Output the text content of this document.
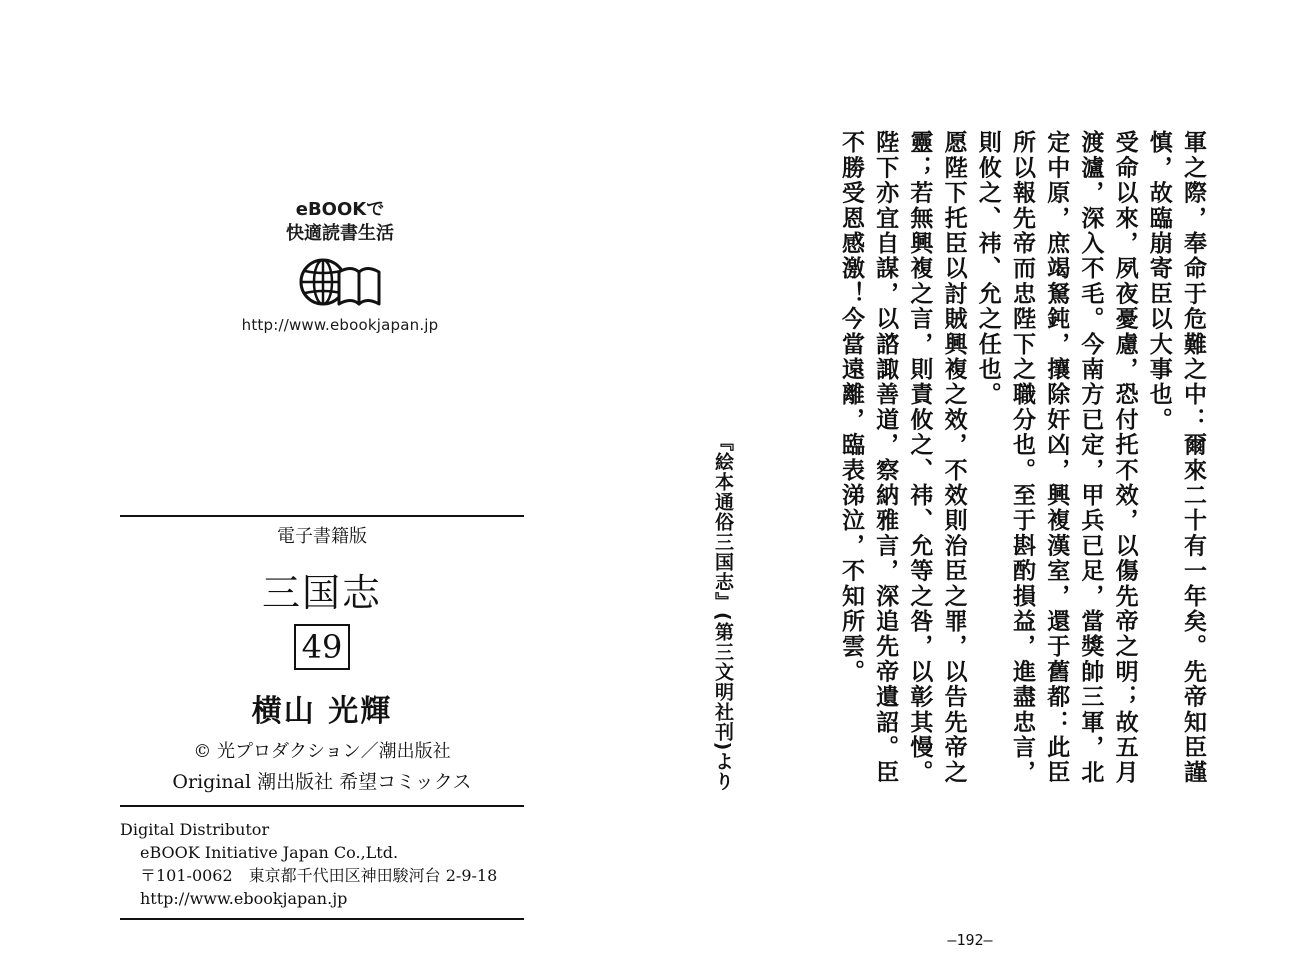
eBOOKで
快適読書生活
http://www.ebookjapan.jp
電子書籍版
三国志
49
横山 光輝
© 光プロダクション／潮出版社
Original 潮出版社 希望コミックス
Digital Distributor
eBOOK Initiative Japan Co.,Ltd.
〒101-0062　東京都千代田区神田駿河台 2-9-18
http://www.ebookjapan.jp
『絵本通俗三国志』(第三文明社刊)より	軍之際，奉命于危難之中：爾來二十有一年矣。先帝知臣謹

慎，故臨崩寄臣以大事也。

受命以來，夙夜憂慮，恐付托不效，以傷先帝之明；故五月

渡瀘，深入不毛。今南方已定，甲兵已足，當獎帥三軍，北

定中原，庶竭駑鈍，攘除奸凶，興複漢室，還于舊都：此臣

所以報先帝而忠陛下之職分也。至于斟酌損益，進盡忠言，

則攸之、祎、允之任也。

愿陛下托臣以討賊興複之效，不效則治臣之罪，以告先帝之

靈；若無興複之言，則責攸之、祎、允等之咎，以彰其慢。

陛下亦宜自謀，以諮諏善道，察納雅言，深追先帝遺詔。臣

不勝受恩感激！今當遠離，臨表涕泣，不知所雲。

–192–
